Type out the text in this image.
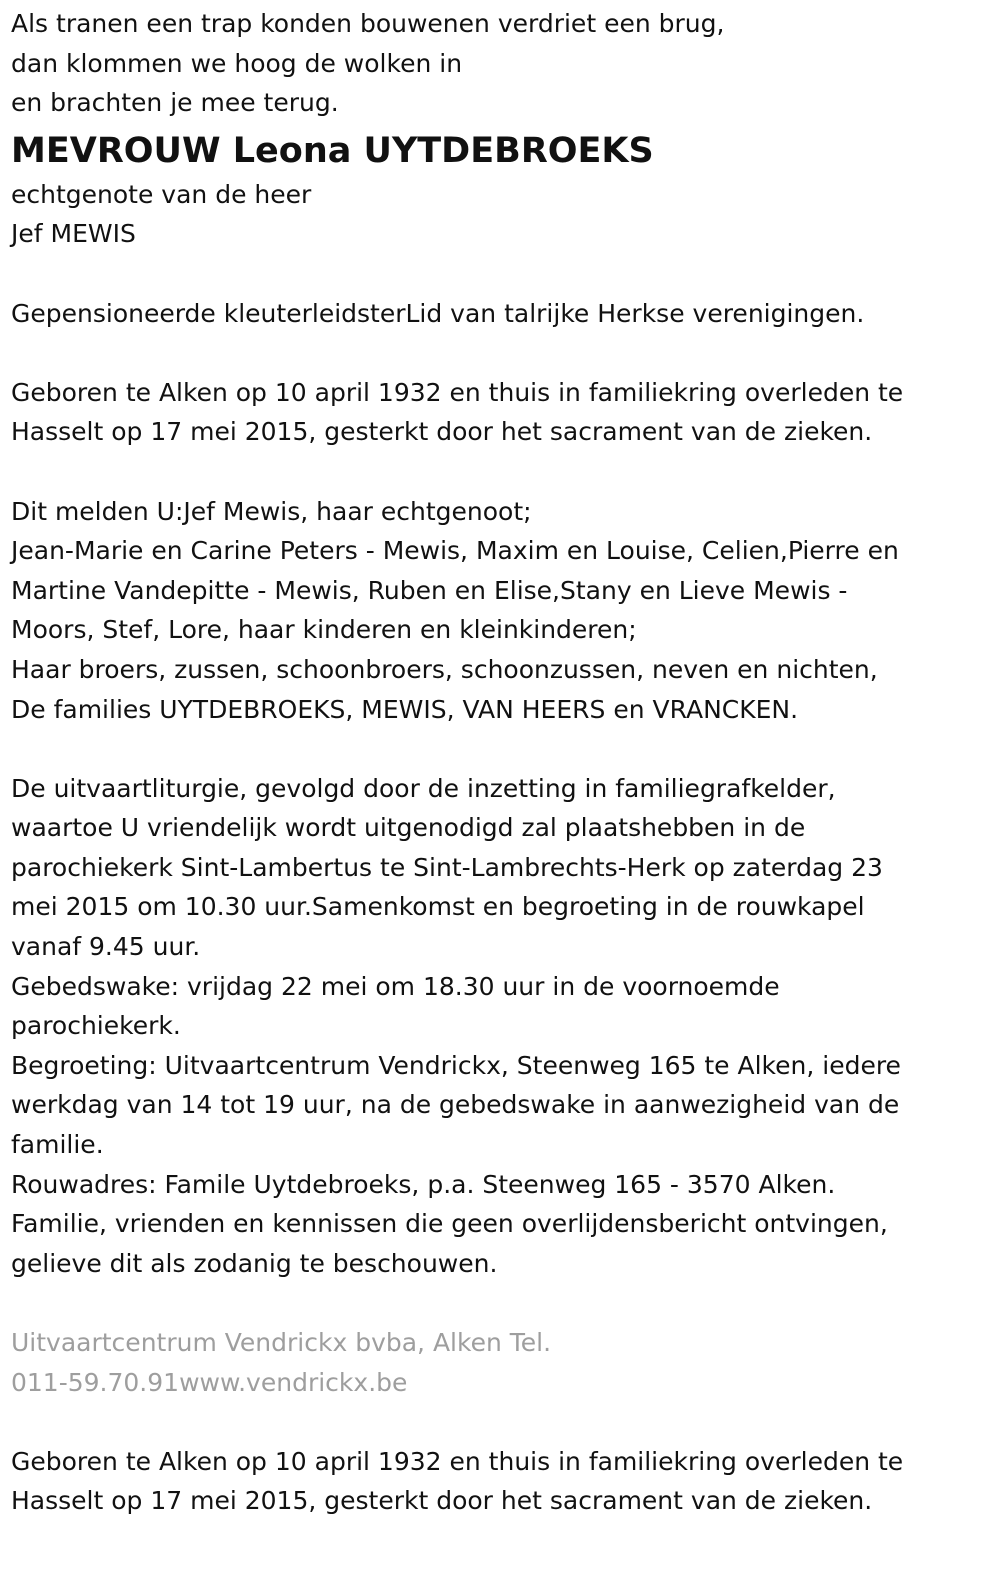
Als tranen een trap konden bouwenen verdriet een brug,

dan klommen we hoog de wolken in

en brachten je mee terug.

MEVROUW Leona UYTDEBROEKS

echtgenote van de heer

Jef MEWIS

Gepensioneerde kleuterleidsterLid van talrijke Herkse verenigingen.

Geboren te Alken op 10 april 1932 en thuis in familiekring overleden te

Hasselt op 17 mei 2015, gesterkt door het sacrament van de zieken.

Dit melden U:Jef Mewis, haar echtgenoot;

Jean-Marie en Carine Peters - Mewis, Maxim en Louise, Celien,Pierre en

Martine Vandepitte - Mewis, Ruben en Elise,Stany en Lieve Mewis -

Moors, Stef, Lore, haar kinderen en kleinkinderen;

Haar broers, zussen, schoonbroers, schoonzussen, neven en nichten,

De families UYTDEBROEKS, MEWIS, VAN HEERS en VRANCKEN.

De uitvaartliturgie, gevolgd door de inzetting in familiegrafkelder,

waartoe U vriendelijk wordt uitgenodigd zal plaatshebben in de

parochiekerk Sint-Lambertus te Sint-Lambrechts-Herk op zaterdag 23

mei 2015 om 10.30 uur.Samenkomst en begroeting in de rouwkapel

vanaf 9.45 uur.

Gebedswake: vrijdag 22 mei om 18.30 uur in de voornoemde

parochiekerk.

Begroeting: Uitvaartcentrum Vendrickx, Steenweg 165 te Alken, iedere

werkdag van 14 tot 19 uur, na de gebedswake in aanwezigheid van de

familie.

Rouwadres: Famile Uytdebroeks, p.a. Steenweg 165 - 3570 Alken.

Familie, vrienden en kennissen die geen overlijdensbericht ontvingen,

gelieve dit als zodanig te beschouwen.

Uitvaartcentrum Vendrickx bvba, Alken Tel.

011-59.70.91www.vendrickx.be

Geboren te Alken op 10 april 1932 en thuis in familiekring overleden te

Hasselt op 17 mei 2015, gesterkt door het sacrament van de zieken.
